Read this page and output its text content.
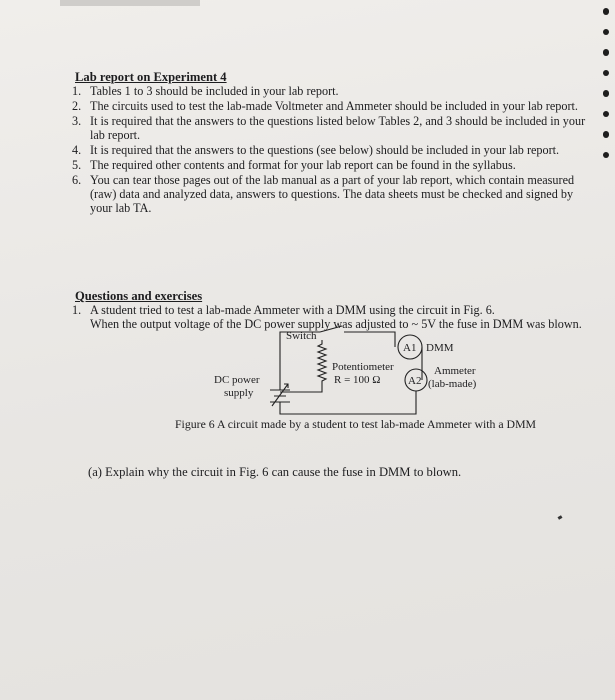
Lab report on Experiment 4
1. Tables 1 to 3 should be included in your lab report.
2. The circuits used to test the lab-made Voltmeter and Ammeter should be included in your lab report.
3. It is required that the answers to the questions listed below Tables 2, and 3 should be included in your lab report.
4. It is required that the answers to the questions (see below) should be included in your lab report.
5. The required other contents and format for your lab report can be found in the syllabus.
6. You can tear those pages out of the lab manual as a part of your lab report, which contain measured (raw) data and analyzed data, answers to questions. The data sheets must be checked and signed by your lab TA.
Questions and exercises
1. A student tried to test a lab-made Ammeter with a DMM using the circuit in Fig. 6.
When the output voltage of the DC power supply was adjusted to ~ 5V the fuse in DMM was blown.
Switch
A1 DMM
Potentiometer
R = 100 Ω	A2
Ammeter
(lab-made)
DC power
supply
Figure 6 A circuit made by a student to test lab-made Ammeter with a DMM
(a) Explain why the circuit in Fig. 6 can cause the fuse in DMM to blown.
